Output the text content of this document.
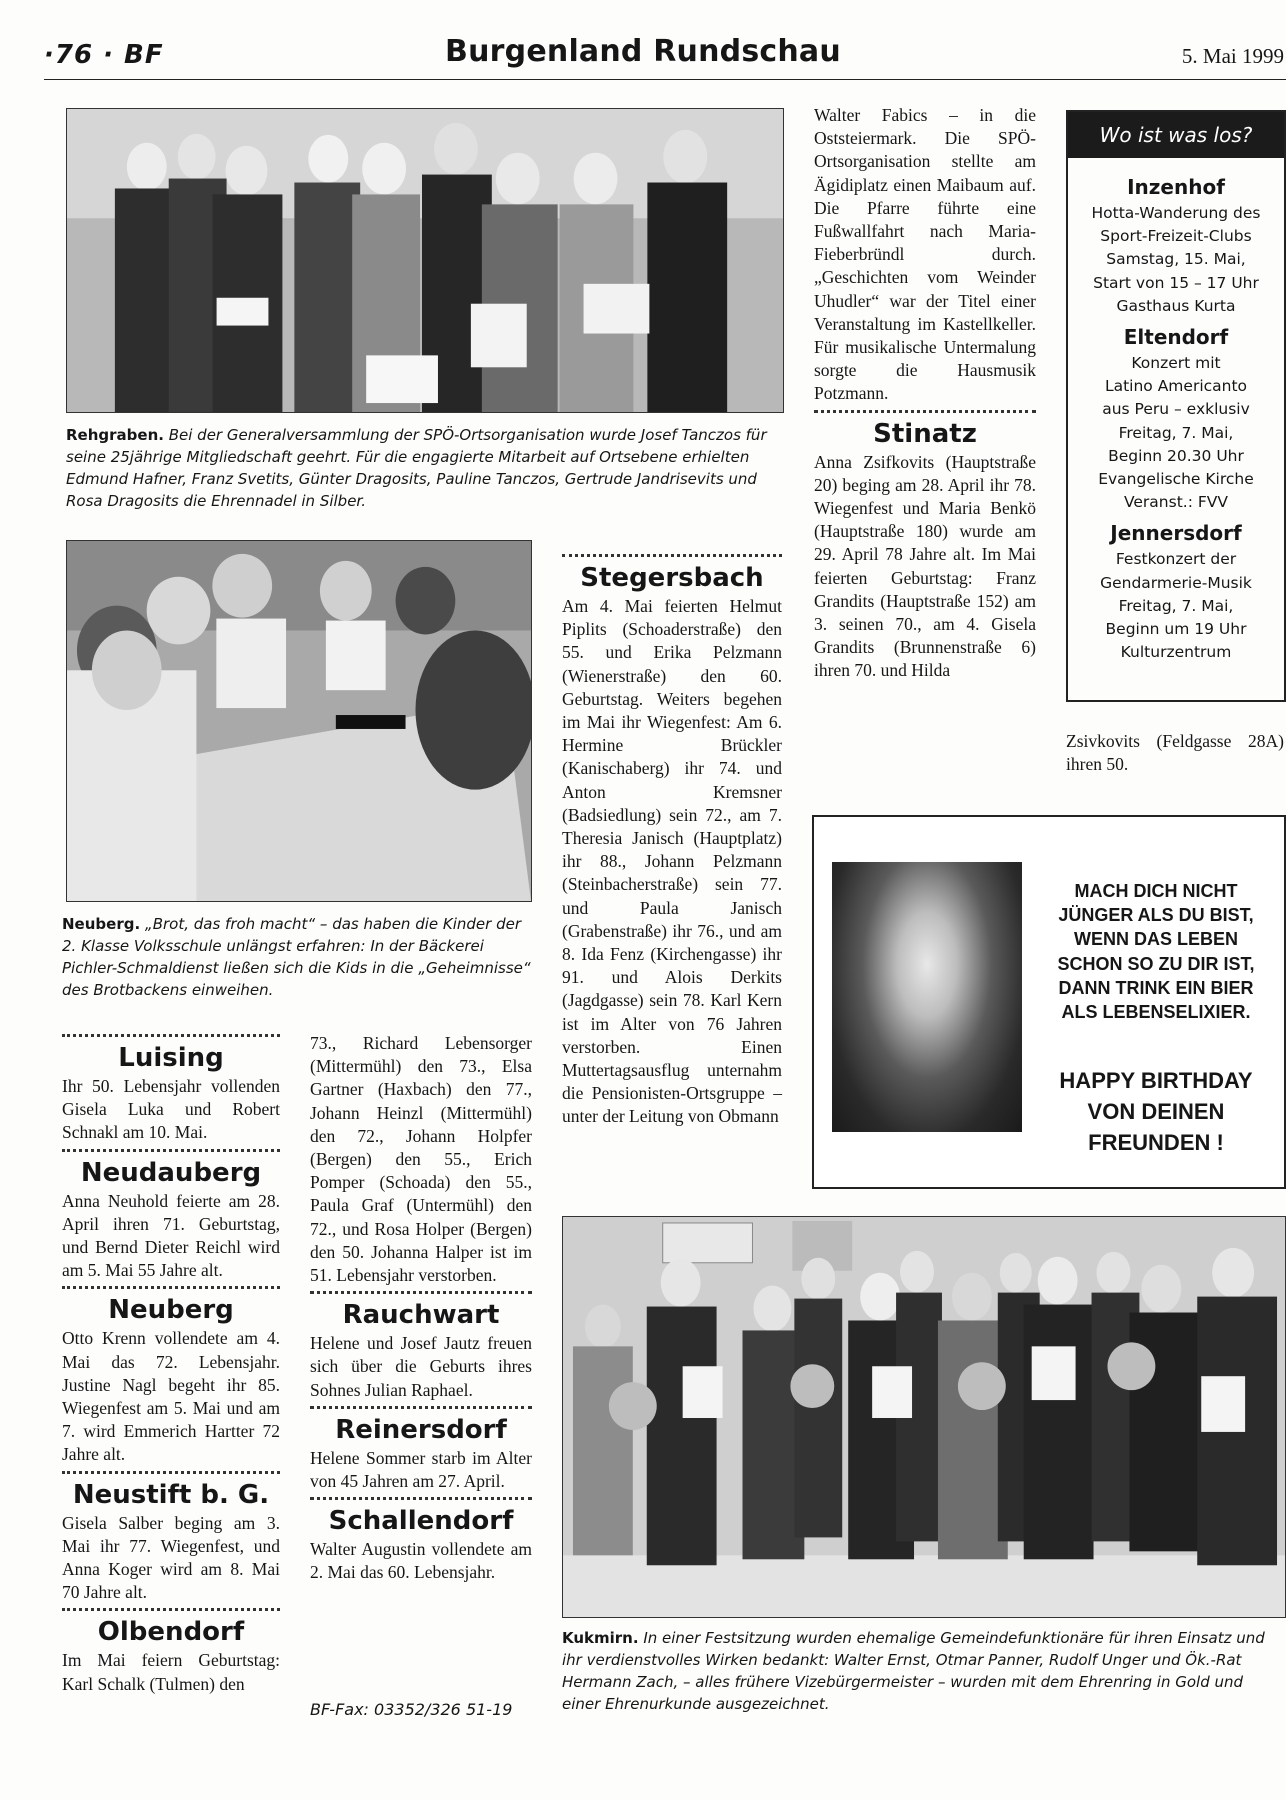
·76 · BF	Burgenland Rundschau	5. Mai 1999
Rehgraben. Bei der Generalversammlung der SPÖ-Ortsorganisation wurde Josef Tanczos für seine 25jährige Mitgliedschaft geehrt. Für die engagierte Mitarbeit auf Ortsebene erhielten Edmund Hafner, Franz Svetits, Günter Dragosits, Pauline Tanczos, Gertrude Jandrisevits und Rosa Dragosits die Ehrennadel in Silber.
Neuberg. „Brot, das froh macht“ – das haben die Kinder der 2. Klasse Volksschule unlängst erfahren: In der Bäckerei Pichler-Schmaldienst ließen sich die Kids in die „Geheimnisse“ des Brotbackens einweihen.
Luising

Ihr 50. Lebensjahr vollenden Gisela Luka und Robert Schnakl am 10. Mai.

Neudauberg

Anna Neuhold feierte am 28. April ihren 71. Geburtstag, und Bernd Dieter Reichl wird am 5. Mai 55 Jahre alt.

Neuberg

Otto Krenn vollendete am 4. Mai das 72. Lebensjahr. Justine Nagl begeht ihr 85. Wiegenfest am 5. Mai und am 7. wird Emmerich Hartter 72 Jahre alt.

Neustift b. G.

Gisela Salber beging am 3. Mai ihr 77. Wiegenfest, und Anna Koger wird am 8. Mai 70 Jahre alt.

Olbendorf

Im Mai feiern Geburtstag: Karl Schalk (Tulmen) den

73., Richard Lebensorger (Mittermühl) den 73., Elsa Gartner (Haxbach) den 77., Johann Heinzl (Mittermühl) den 72., Johann Holpfer (Bergen) den 55., Erich Pomper (Schoada) den 55., Paula Graf (Untermühl) den 72., und Rosa Holper (Bergen) den 50. Johanna Halper ist im 51. Lebensjahr verstorben.

Rauchwart

Helene und Josef Jautz freuen sich über die Geburts ihres Sohnes Julian Raphael.

Reinersdorf

Helene Sommer starb im Alter von 45 Jahren am 27. April.

Schallendorf

Walter Augustin vollendete am 2. Mai das 60. Lebensjahr.

BF-Fax: 03352/326 51-19
Stegersbach

Am 4. Mai feierten Helmut Piplits (Schoaderstraße) den 55. und Erika Pelzmann (Wienerstraße) den 60. Geburtstag. Weiters begehen im Mai ihr Wiegenfest: Am 6. Hermine Brückler (Kanischaberg) ihr 74. und Anton Kremsner (Badsiedlung) sein 72., am 7. Theresia Janisch (Hauptplatz) ihr 88., Johann Pelzmann (Steinbacherstraße) sein 77. und Paula Janisch (Grabenstraße) ihr 76., und am 8. Ida Fenz (Kirchengasse) ihr 91. und Alois Derkits (Jagdgasse) sein 78. Karl Kern ist im Alter von 76 Jahren verstorben. Einen Muttertagsausflug unternahm die Pensionisten-Ortsgruppe – unter der Leitung von Obmann

Walter Fabics – in die Oststeiermark. Die SPÖ-Ortsorganisation stellte am Ägidiplatz einen Maibaum auf. Die Pfarre führte eine Fußwallfahrt nach Maria-Fieberbründl durch. „Geschichten vom Weinder Uhudler“ war der Titel einer Veranstaltung im Kastellkeller. Für musikalische Untermalung sorgte die Hausmusik Potzmann.

Stinatz

Anna Zsifkovits (Hauptstraße 20) beging am 28. April ihr 78. Wiegenfest und Maria Benkö (Hauptstraße 180) wurde am 29. April 78 Jahre alt. Im Mai feierten Geburtstag: Franz Grandits (Hauptstraße 152) am 3. seinen 70., am 4. Gisela Grandits (Brunnenstraße 6) ihren 70. und Hilda

Zsivkovits (Feldgasse 28A) ihren 50.

Wo ist was los?
Inzenhof
Hotta-Wanderung des
Sport-Freizeit-Clubs
Samstag, 15. Mai,
Start von 15 – 17 Uhr
Gasthaus Kurta
Eltendorf
Konzert mit
Latino Americanto
aus Peru – exklusiv
Freitag, 7. Mai,
Beginn 20.30 Uhr
Evangelische Kirche
Veranst.: FVV
Jennersdorf
Festkonzert der
Gendarmerie-Musik
Freitag, 7. Mai,
Beginn um 19 Uhr
Kulturzentrum
MACH DICH NICHT
JÜNGER ALS DU BIST,
WENN DAS LEBEN
SCHON SO ZU DIR IST,
DANN TRINK EIN BIER
ALS LEBENSELIXIER.
HAPPY BIRTHDAY
VON DEINEN
FREUNDEN !
Kukmirn. In einer Festsitzung wurden ehemalige Gemeindefunktionäre für ihren Einsatz und ihr verdienstvolles Wirken bedankt: Walter Ernst, Otmar Panner, Rudolf Unger und Ök.-Rat Hermann Zach, – alles frühere Vizebürgermeister – wurden mit dem Ehrenring in Gold und einer Ehrenurkunde ausgezeichnet.
